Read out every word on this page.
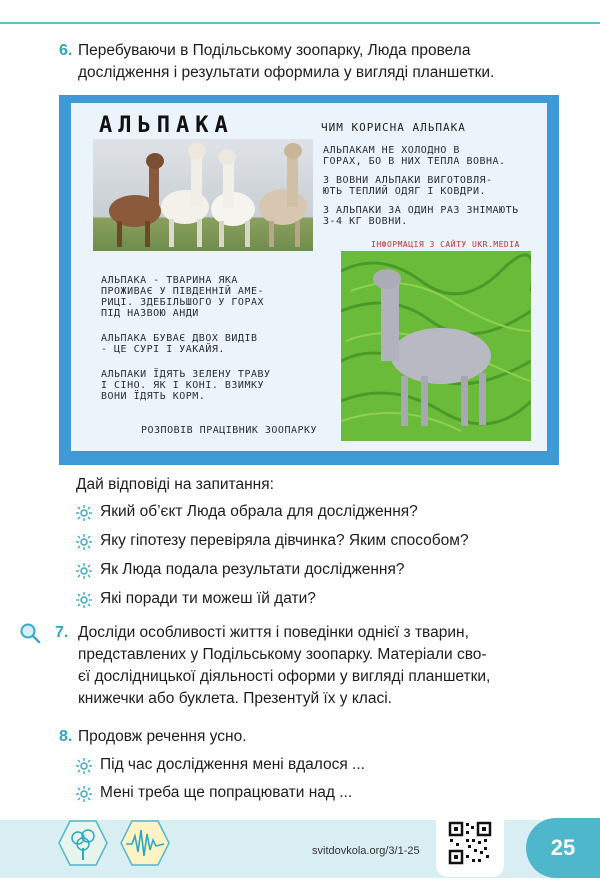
6. Перебуваючи в Подільському зоопарку, Люда провела
дослідження і результати оформила у вигляді планшетки.
АЛЬПАКА	ЧИМ КОРИСНА АЛЬПАКА
АЛЬПАКАМ НЕ ХОЛОДНО В
ГОРАХ, БО В НИХ ТЕПЛА ВОВНА.
З ВОВНИ АЛЬПАКИ ВИГОТОВЛЯ-
ЮТЬ ТЕПЛИЙ ОДЯГ І КОВДРИ.
З АЛЬПАКИ ЗА ОДИН РАЗ ЗНІМАЮТЬ
3-4 КГ ВОВНИ.
ІНФОРМАЦІЯ З САЙТУ UKR.MEDIA
АЛЬПАКА - ТВАРИНА ЯКА
ПРОЖИВАЄ У ПІВДЕННІЙ АМЕ-
РИЦІ. ЗДЕБІЛЬШОГО У ГОРАХ
ПІД НАЗВОЮ АНДИ
АЛЬПАКА БУВАЄ ДВОХ ВИДІВ
- ЦЕ СУРІ І УАКАЙЯ.
АЛЬПАКИ ЇДЯТЬ ЗЕЛЕНУ ТРАВУ
І СІНО. ЯК І КОНІ. ВЗИМКУ
ВОНИ ЇДЯТЬ КОРМ.
РОЗПОВІВ ПРАЦІВНИК ЗООПАРКУ
Дай відповіді на запитання:
Який об’єкт Люда обрала для дослідження?
Яку гіпотезу перевіряла дівчинка? Яким способом?
Як Люда подала результати дослідження?
Які поради ти можеш їй дати?
7. Досліди особливості життя і поведінки однієї з тварин,
представлених у Подільському зоопарку. Матеріали сво-
єї дослідницької діяльності оформи у вигляді планшетки,
книжечки або буклета. Презентуй їх у класі.
8. Продовж речення усно.
Під час дослідження мені вдалося ...
Мені треба ще попрацювати над ...
svitdovkola.org/3/1-25	25
